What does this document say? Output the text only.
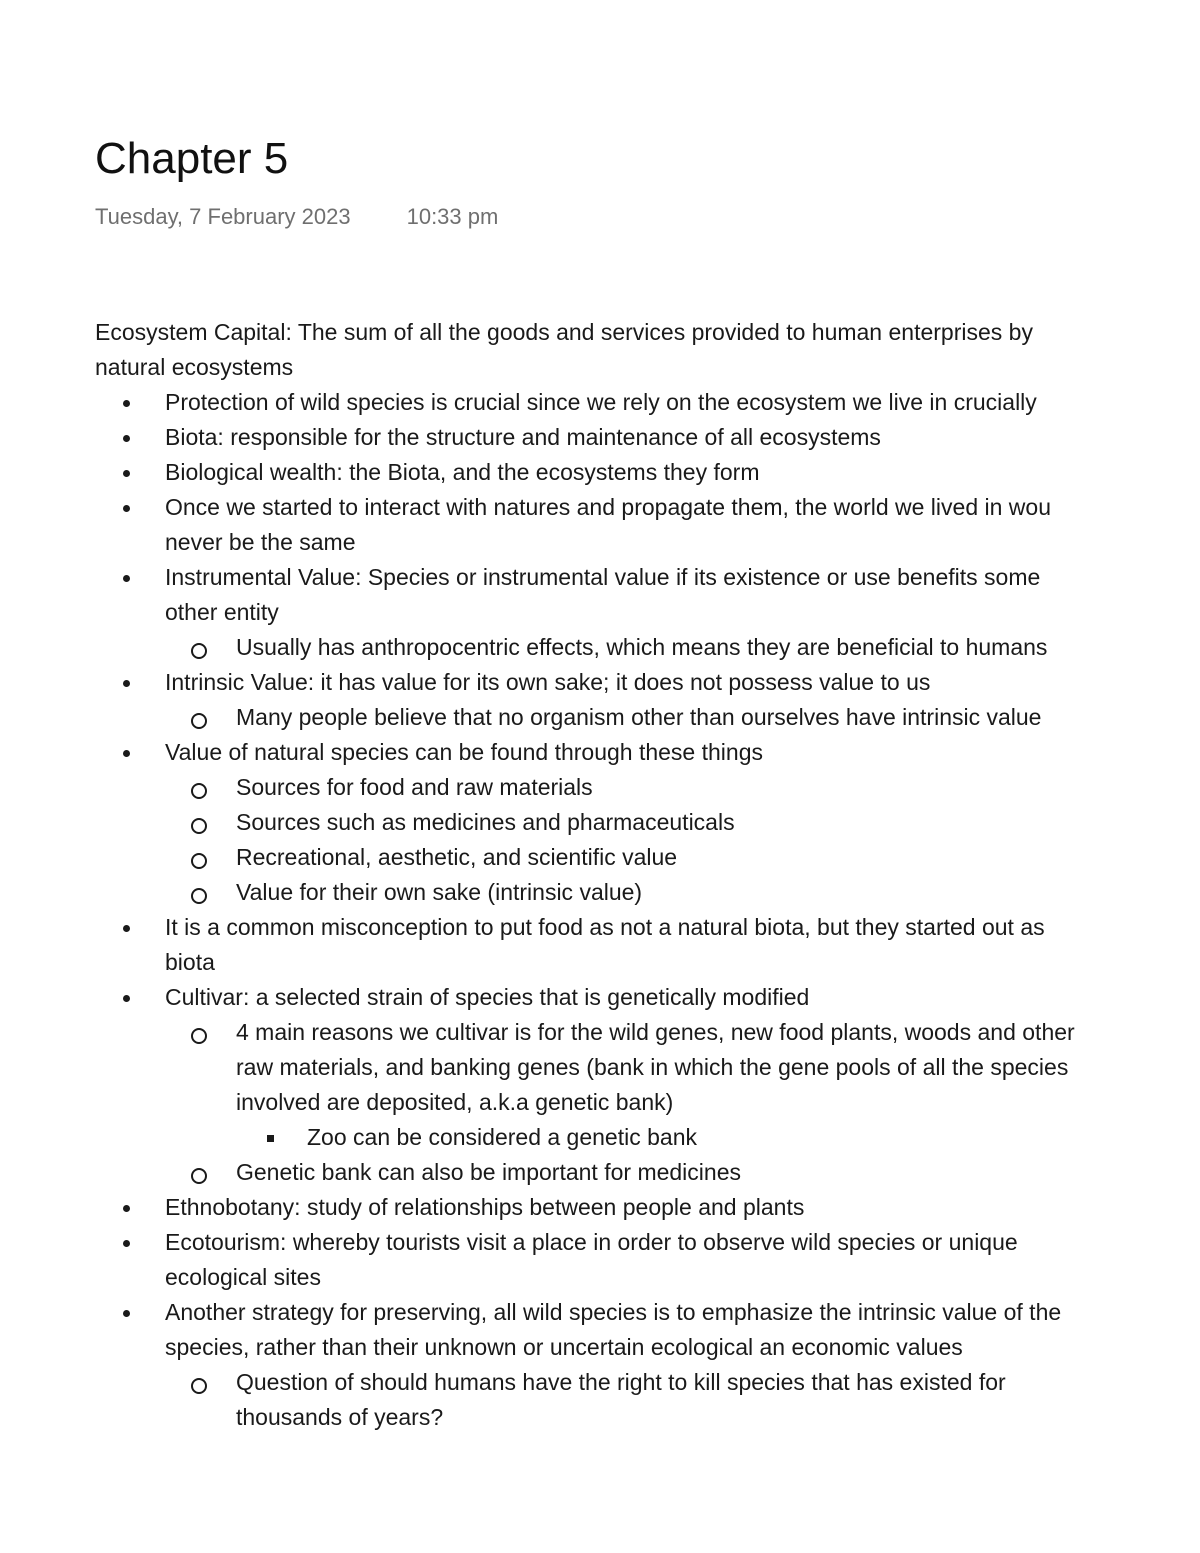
Chapter 5
Tuesday, 7 February 2023	10:33 pm

Ecosystem Capital: The sum of all the goods and services provided to human enterprises by

natural ecosystems

Protection of wild species is crucial since we rely on the ecosystem we live in crucially
Biota: responsible for the structure and maintenance of all ecosystems
Biological wealth: the Biota, and the ecosystems they form
Once we started to interact with natures and propagate them, the world we lived in wou
never be the same
Instrumental Value: Species or instrumental value if its existence or use benefits some
other entity
Usually has anthropocentric effects, which means they are beneficial to humans
Intrinsic Value: it has value for its own sake; it does not possess value to us
Many people believe that no organism other than ourselves have intrinsic value
Value of natural species can be found through these things
Sources for food and raw materials
Sources such as medicines and pharmaceuticals
Recreational, aesthetic, and scientific value
Value for their own sake (intrinsic value)
It is a common misconception to put food as not a natural biota, but they started out as
biota
Cultivar: a selected strain of species that is genetically modified
4 main reasons we cultivar is for the wild genes, new food plants, woods and other
raw materials, and banking genes (bank in which the gene pools of all the species
involved are deposited, a.k.a genetic bank)
Zoo can be considered a genetic bank
Genetic bank can also be important for medicines
Ethnobotany: study of relationships between people and plants
Ecotourism: whereby tourists visit a place in order to observe wild species or unique
ecological sites
Another strategy for preserving, all wild species is to emphasize the intrinsic value of the
species, rather than their unknown or uncertain ecological an economic values
Question of should humans have the right to kill species that has existed for
thousands of years?
